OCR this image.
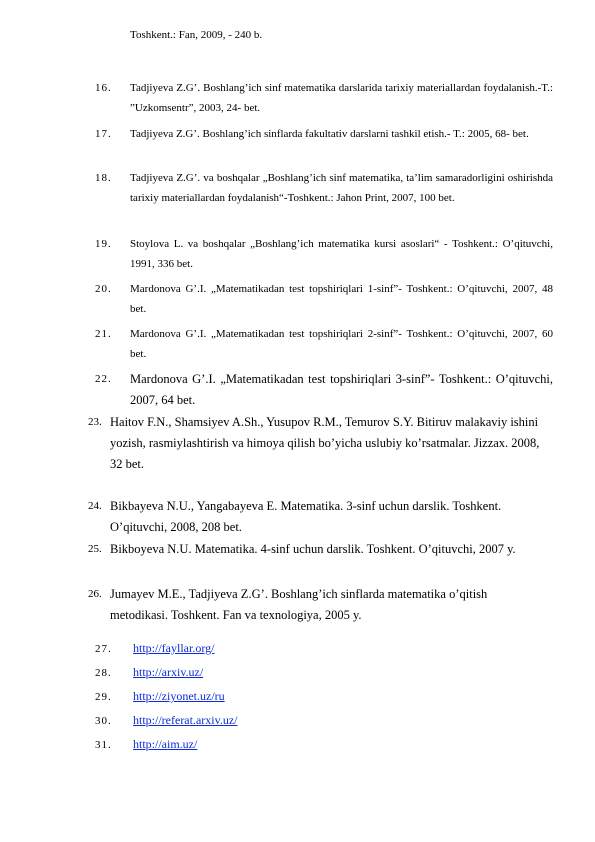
Toshkent.: Fan, 2009, - 240 b.
16.	Tadjiyeva Z.G’. Boshlang’ich sinf matematika darslarida tarixiy materiallardan foydalanish.-T.: ”Uzkomsentr”, 2003, 24- bet.
17.	Tadjiyeva Z.G’. Boshlang’ich sinflarda fakultativ darslarni tashkil etish.- T.: 2005, 68- bet.
18.	Tadjiyeva Z.G’. va boshqalar „Boshlang’ich sinf matematika, ta’lim samaradorligini oshirishda tarixiy materiallardan foydalanish“-Toshkent.: Jahon Print, 2007, 100 bet.
19.	Stoylova L. va boshqalar „Boshlang’ich matematika kursi asoslari“ - Toshkent.: O’qituvchi, 1991, 336 bet.
20.	Mardonova G’.I. „Matematikadan test topshiriqlari 1-sinf”- Toshkent.: O’qituvchi, 2007, 48 bet.
21.	Mardonova G’.I. „Matematikadan test topshiriqlari 2-sinf”- Toshkent.: O’qituvchi, 2007, 60 bet.
22.	Mardonova G’.I. „Matematikadan test topshiriqlari 3-sinf”- Toshkent.: O’qituvchi, 2007, 64 bet.
23. Haitov F.N., Shamsiyev A.Sh., Yusupov R.M., Temurov S.Y. Bitiruv malakaviy ishini yozish, rasmiylashtirish va himoya qilish bo’yicha uslubiy ko’rsatmalar. Jizzax. 2008, 32 bet.
24. Bikbayeva N.U., Yangabayeva E. Matematika. 3-sinf uchun darslik. Toshkent. O’qituvchi, 2008, 208 bet.
25. Bikboyeva N.U. Matematika. 4-sinf uchun darslik. Toshkent. O’qituvchi, 2007 y.
26. Jumayev M.E., Tadjiyeva Z.G’. Boshlang’ich sinflarda matematika o’qitish metodikasi. Toshkent. Fan va texnologiya, 2005 y.
27. http://fayllar.org/
28. http://arxiv.uz/
29. http://ziyonet.uz/ru
30. http://referat.arxiv.uz/
31. http://aim.uz/
